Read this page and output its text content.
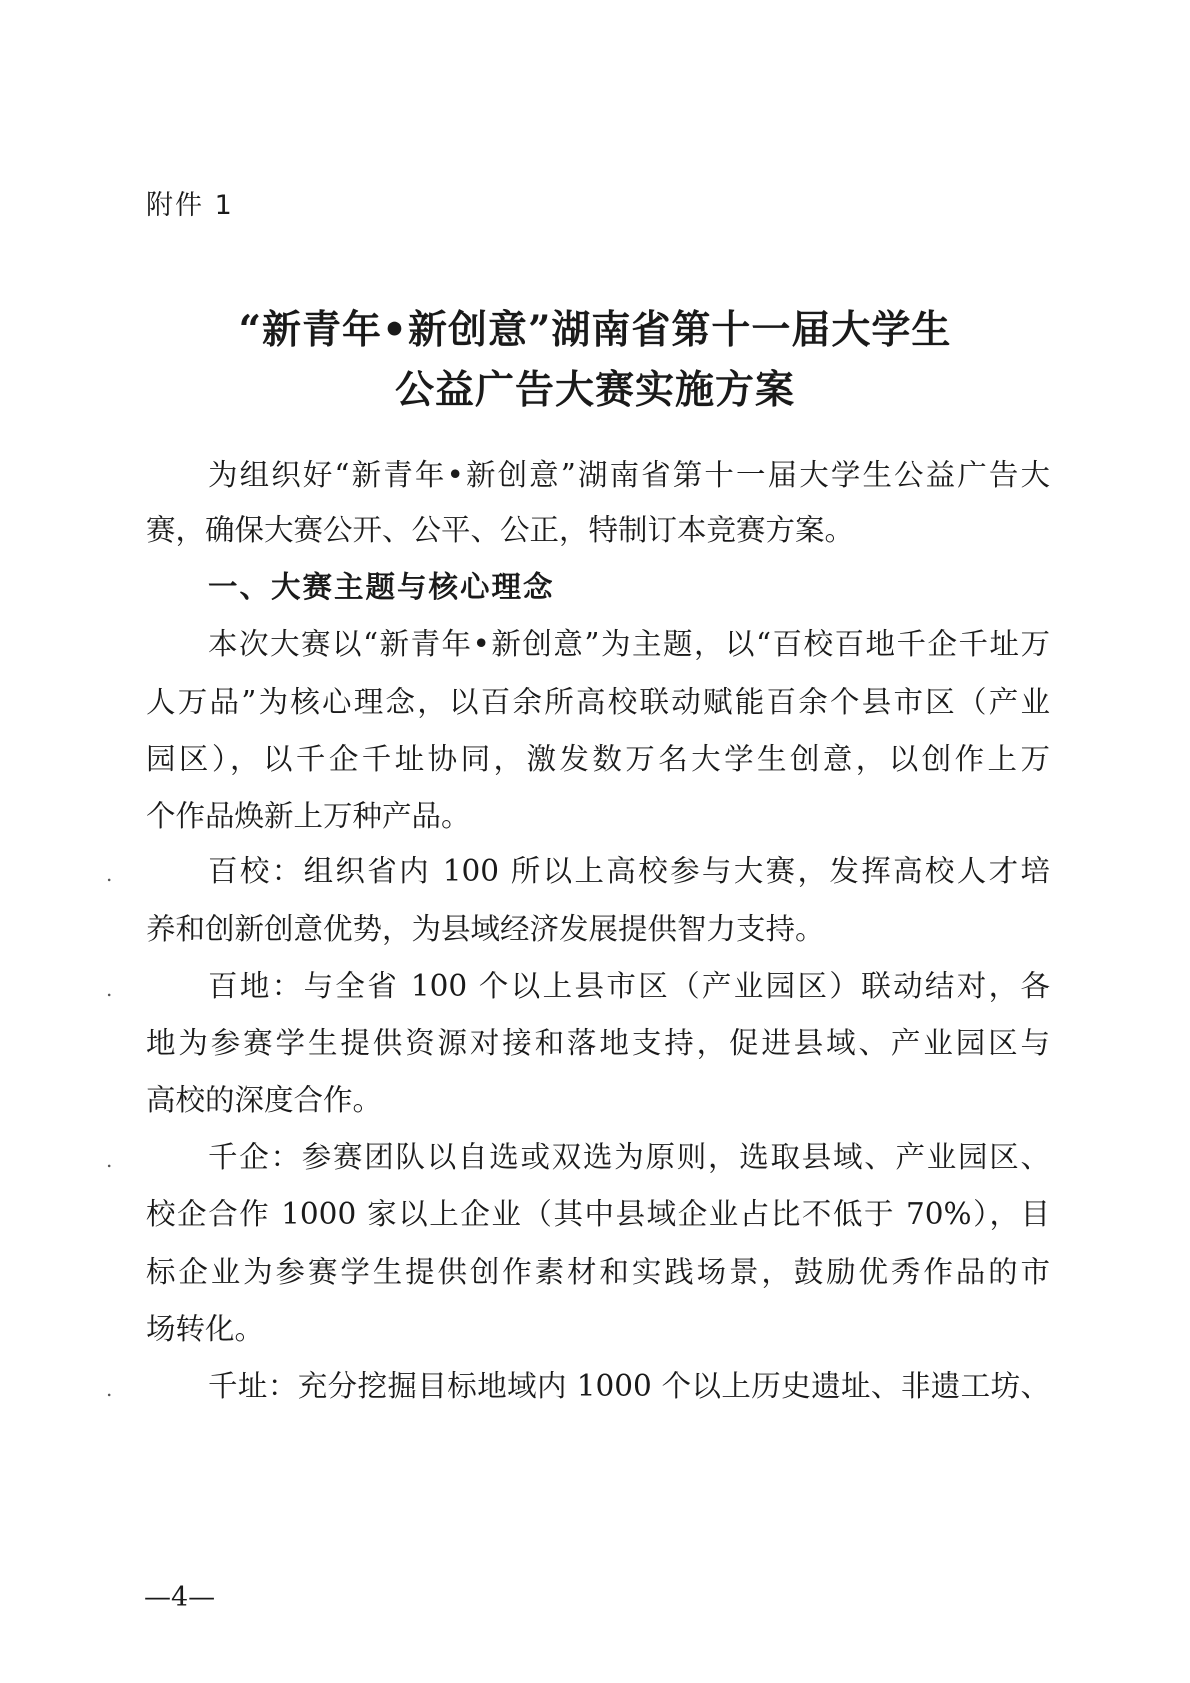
附件 1
“新青年•新创意”湖南省第十一届大学生
公益广告大赛实施方案
为组织好“新青年•新创意”湖南省第十一届大学生公益广告大
赛，确保大赛公开、公平、公正，特制订本竞赛方案。
一、大赛主题与核心理念
本次大赛以“新青年•新创意”为主题，以“百校百地千企千址万
人万品”为核心理念，以百余所高校联动赋能百余个县市区（产业
园区），以千企千址协同，激发数万名大学生创意，以创作上万
个作品焕新上万种产品。
.	百校：组织省内 100 所以上高校参与大赛，发挥高校人才培
养和创新创意优势，为县域经济发展提供智力支持。
.	百地：与全省 100 个以上县市区（产业园区）联动结对，各
地为参赛学生提供资源对接和落地支持，促进县域、产业园区与
高校的深度合作。
.	千企：参赛团队以自选或双选为原则，选取县域、产业园区、
校企合作 1000 家以上企业（其中县域企业占比不低于 70%），目
标企业为参赛学生提供创作素材和实践场景，鼓励优秀作品的市
场转化。
.	千址：充分挖掘目标地域内 1000 个以上历史遗址、非遗工坊、
—4—
